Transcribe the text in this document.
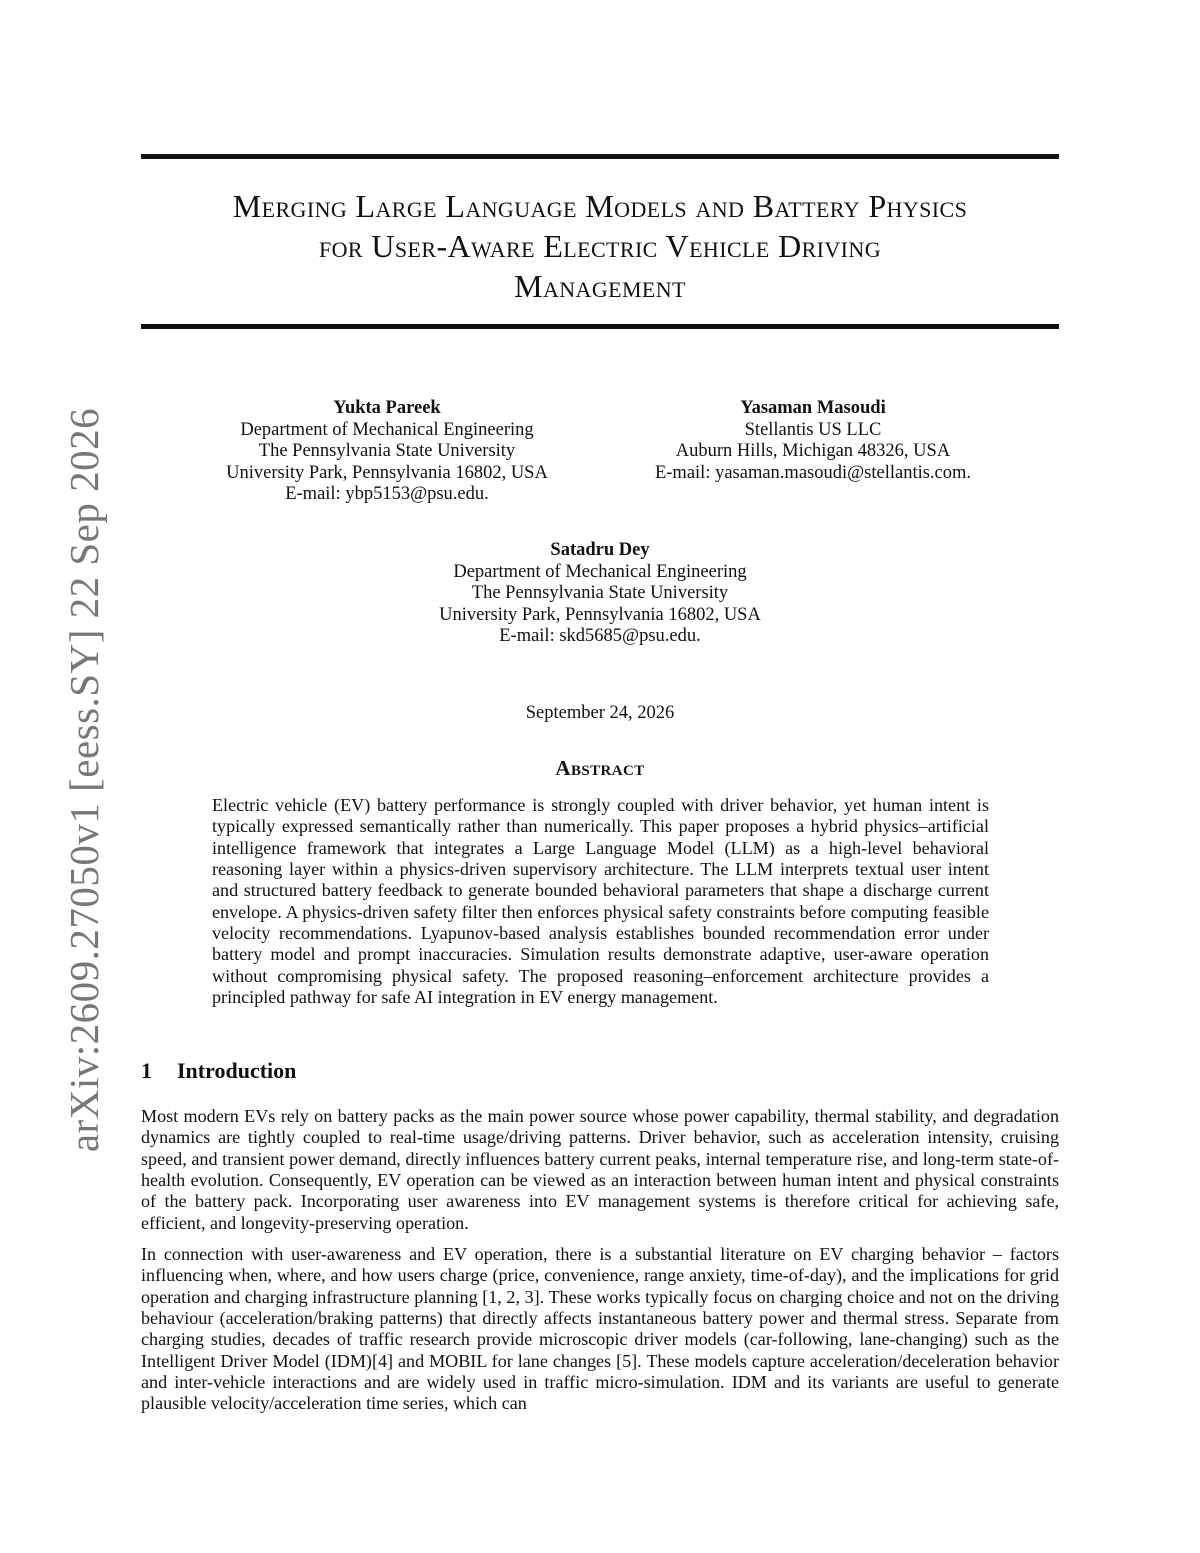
arXiv:2609.27050v1 [eess.SY] 22 Sep 2026
Merging Large Language Models and Battery Physics
for User-Aware Electric Vehicle Driving
Management
Yukta Pareek
Department of Mechanical Engineering
The Pennsylvania State University
University Park, Pennsylvania 16802, USA
E-mail: ybp5153@psu.edu.
Yasaman Masoudi
Stellantis US LLC
Auburn Hills, Michigan 48326, USA
E-mail: yasaman.masoudi@stellantis.com.
Satadru Dey
Department of Mechanical Engineering
The Pennsylvania State University
University Park, Pennsylvania 16802, USA
E-mail: skd5685@psu.edu.
September 24, 2026
Abstract

Electric vehicle (EV) battery performance is strongly coupled with driver behavior, yet human intent is typically expressed semantically rather than numerically. This paper proposes a hybrid physics–artificial intelligence framework that integrates a Large Language Model (LLM) as a high-level behavioral reasoning layer within a physics-driven supervisory architecture. The LLM interprets textual user intent and structured battery feedback to generate bounded behavioral parameters that shape a discharge current envelope. A physics-driven safety filter then enforces physical safety constraints before computing feasible velocity recommendations. Lyapunov-based analysis establishes bounded recommendation error under battery model and prompt inaccuracies. Simulation results demonstrate adaptive, user-aware operation without compromising physical safety. The proposed reasoning–enforcement architecture provides a principled pathway for safe AI integration in EV energy management.

1 Introduction

Most modern EVs rely on battery packs as the main power source whose power capability, thermal stability, and degradation dynamics are tightly coupled to real-time usage/driving patterns. Driver behavior, such as acceleration intensity, cruising speed, and transient power demand, directly influences battery current peaks, internal temperature rise, and long-term state-of-health evolution. Consequently, EV operation can be viewed as an interaction between human intent and physical constraints of the battery pack. Incorporating user awareness into EV management systems is therefore critical for achieving safe, efficient, and longevity-preserving operation.

In connection with user-awareness and EV operation, there is a substantial literature on EV charging behavior – factors influencing when, where, and how users charge (price, convenience, range anxiety, time-of-day), and the implications for grid operation and charging infrastructure planning [1, 2, 3]. These works typically focus on charging choice and not on the driving behaviour (acceleration/braking patterns) that directly affects instantaneous battery power and thermal stress. Separate from charging studies, decades of traffic research provide microscopic driver models (car-following, lane-changing) such as the Intelligent Driver Model (IDM)[4] and MOBIL for lane changes [5]. These models capture acceleration/deceleration behavior and inter-vehicle interactions and are widely used in traffic micro-simulation. IDM and its variants are useful to generate plausible velocity/acceleration time series, which can
